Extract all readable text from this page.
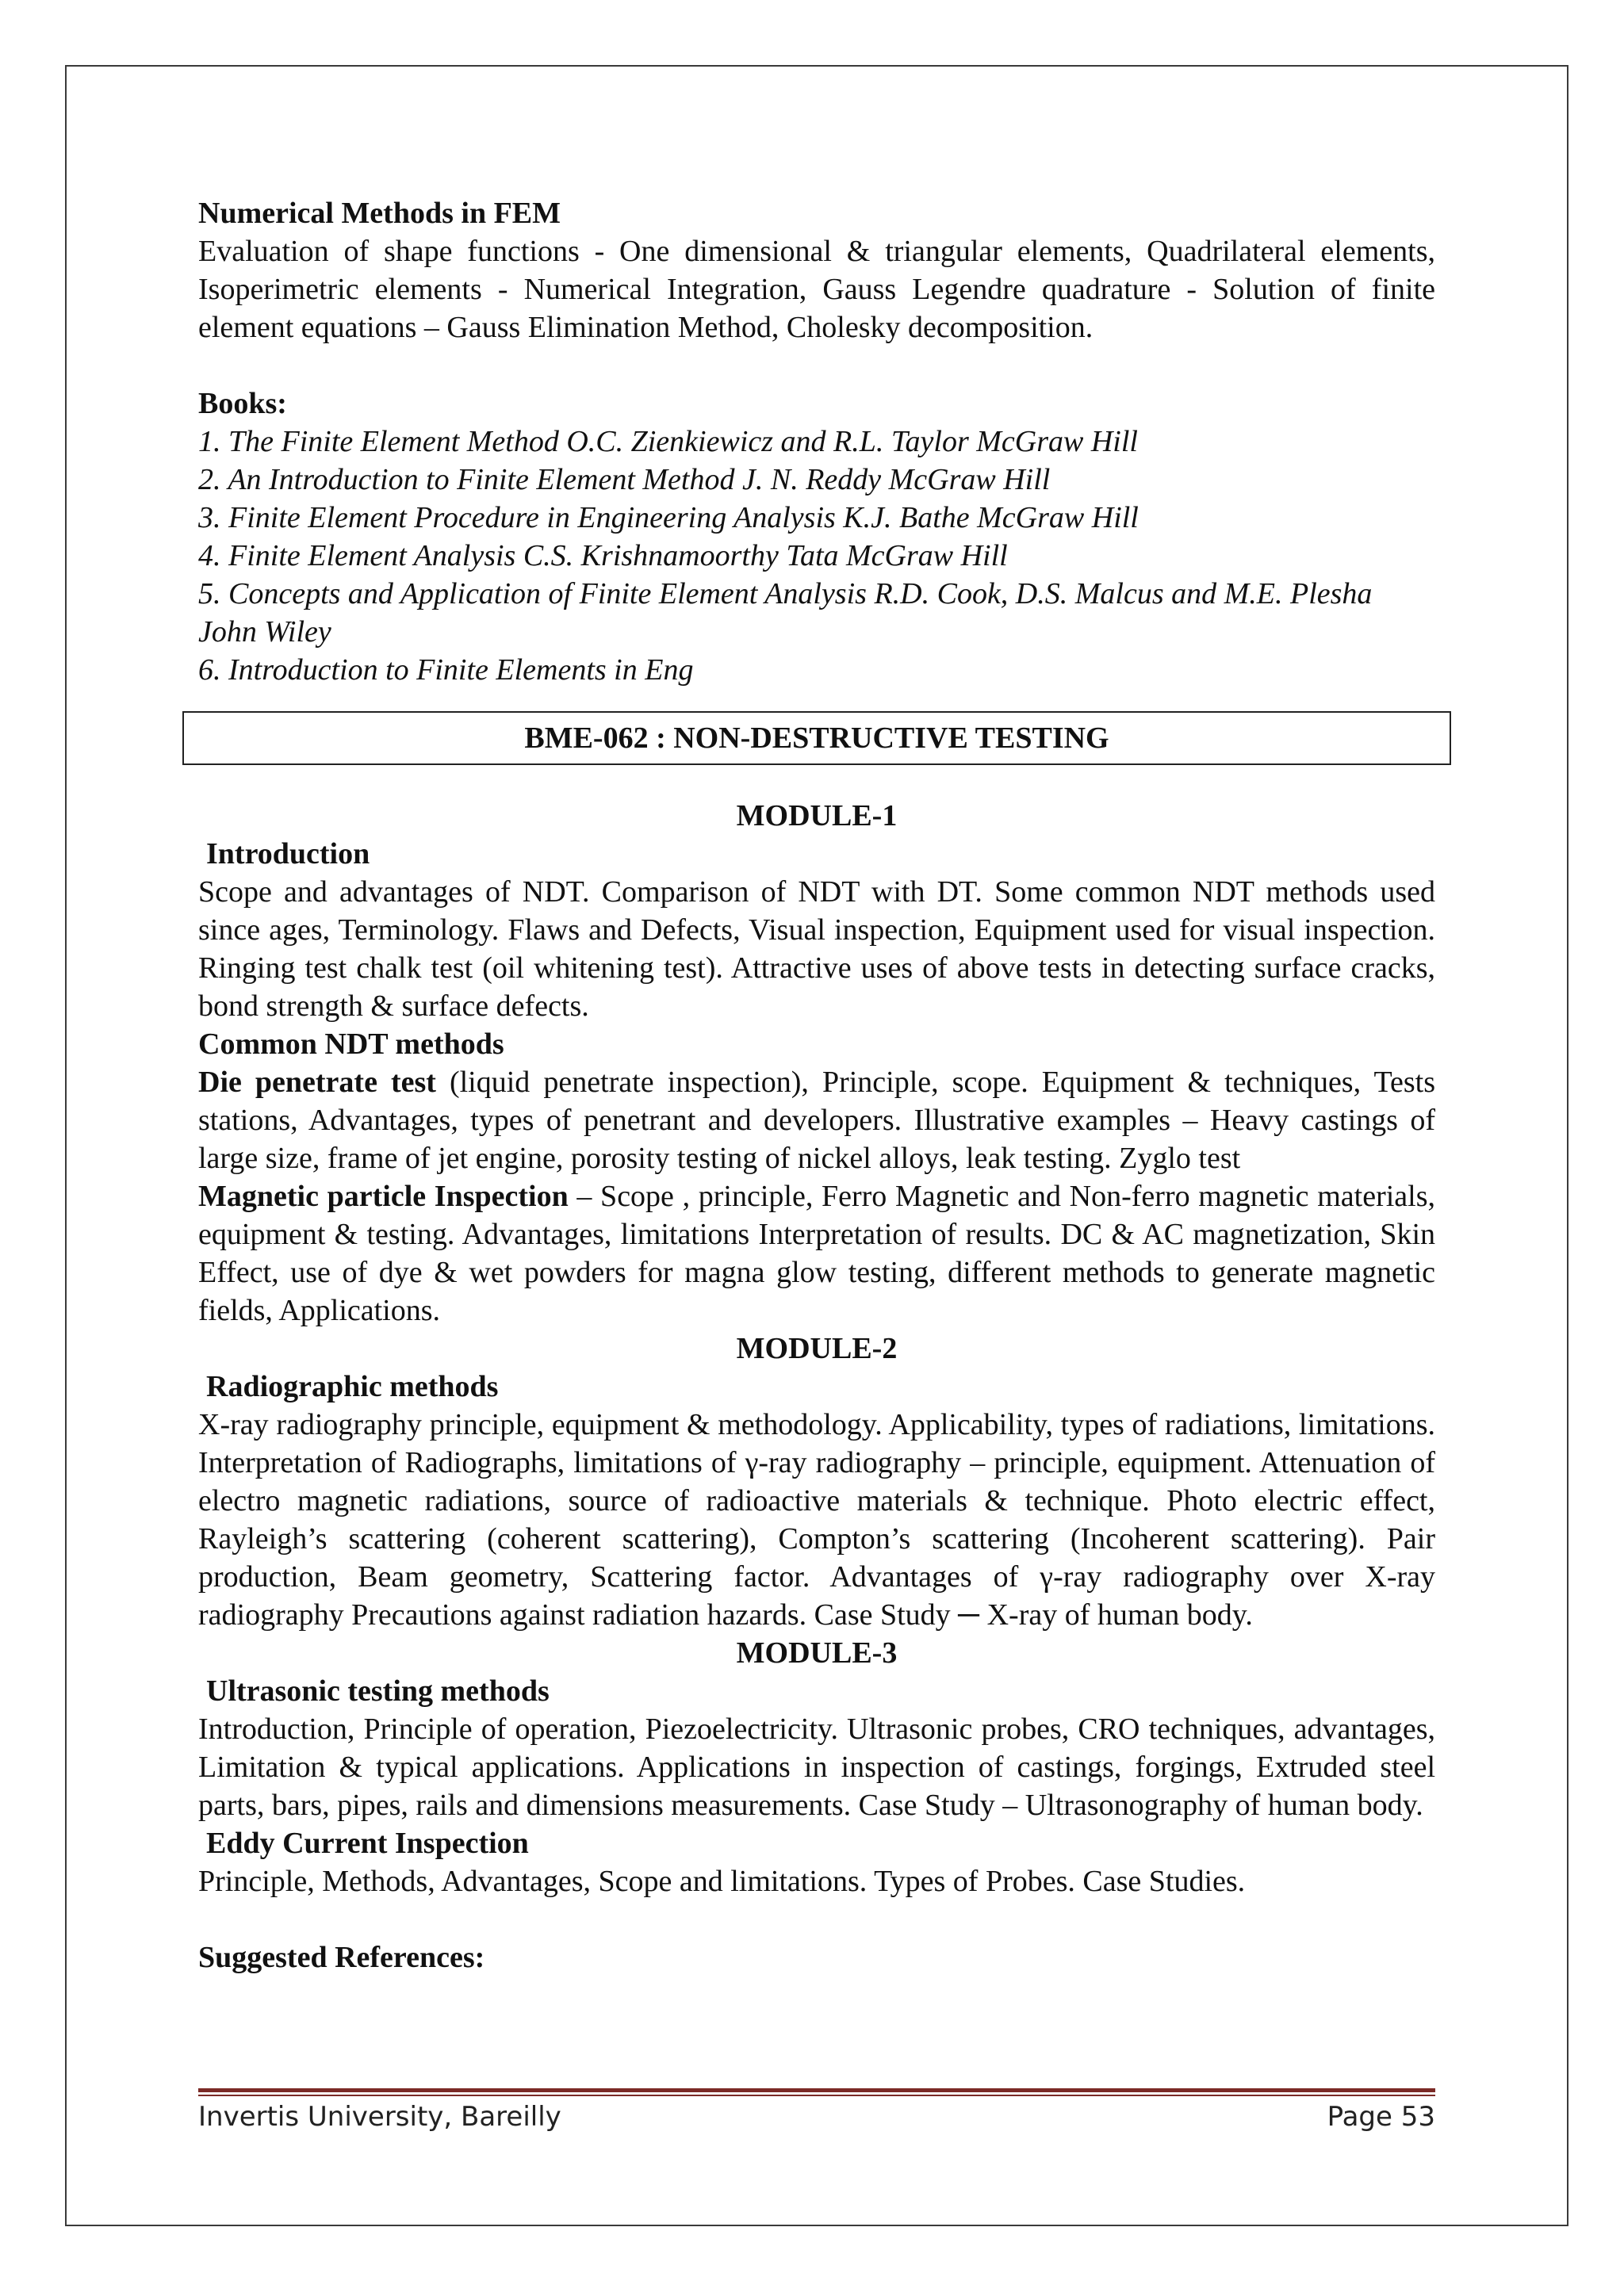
Numerical Methods in FEM

Evaluation of shape functions - One dimensional & triangular elements, Quadrilateral elements, Isoperimetric elements - Numerical Integration, Gauss Legendre quadrature - Solution of finite element equations – Gauss Elimination Method, Cholesky decomposition.

Books:

1. The Finite Element Method O.C. Zienkiewicz and R.L. Taylor McGraw Hill
2. An Introduction to Finite Element Method J. N. Reddy McGraw Hill
3. Finite Element Procedure in Engineering Analysis K.J. Bathe McGraw Hill
4. Finite Element Analysis C.S. Krishnamoorthy Tata McGraw Hill
5. Concepts and Application of Finite Element Analysis R.D. Cook, D.S. Malcus and M.E. Plesha John Wiley
6. Introduction to Finite Elements in Eng
BME-062 : NON-DESTRUCTIVE TESTING

MODULE-1

Introduction

Scope and advantages of NDT. Comparison of NDT with DT. Some common NDT methods used since ages, Terminology. Flaws and Defects, Visual inspection, Equipment used for visual inspection. Ringing test chalk test (oil whitening test). Attractive uses of above tests in detecting surface cracks, bond strength & surface defects.

Common NDT methods

Die penetrate test (liquid penetrate inspection), Principle, scope. Equipment & techniques, Tests stations, Advantages, types of penetrant and developers. Illustrative examples – Heavy castings of large size, frame of jet engine, porosity testing of nickel alloys, leak testing. Zyglo test

Magnetic particle Inspection – Scope , principle, Ferro Magnetic and Non-ferro magnetic materials, equipment & testing. Advantages, limitations Interpretation of results. DC & AC magnetization, Skin Effect, use of dye & wet powders for magna glow testing, different methods to generate magnetic fields, Applications.

MODULE-2

Radiographic methods

X-ray radiography principle, equipment & methodology. Applicability, types of radiations, limitations. Interpretation of Radiographs, limitations of γ-ray radiography – principle, equipment. Attenuation of electro magnetic radiations, source of radioactive materials & technique. Photo electric effect, Rayleigh’s scattering (coherent scattering), Compton’s scattering (Incoherent scattering). Pair production, Beam geometry, Scattering factor. Advantages of γ-ray radiography over X-ray radiography Precautions against radiation hazards. Case Study ─ X-ray of human body.

MODULE-3

Ultrasonic testing methods

Introduction, Principle of operation, Piezoelectricity. Ultrasonic probes, CRO techniques, advantages, Limitation & typical applications. Applications in inspection of castings, forgings, Extruded steel parts, bars, pipes, rails and dimensions measurements. Case Study – Ultrasonography of human body.

Eddy Current Inspection

Principle, Methods, Advantages, Scope and limitations. Types of Probes. Case Studies.

Suggested References:

Invertis University, Bareilly	Page 53
